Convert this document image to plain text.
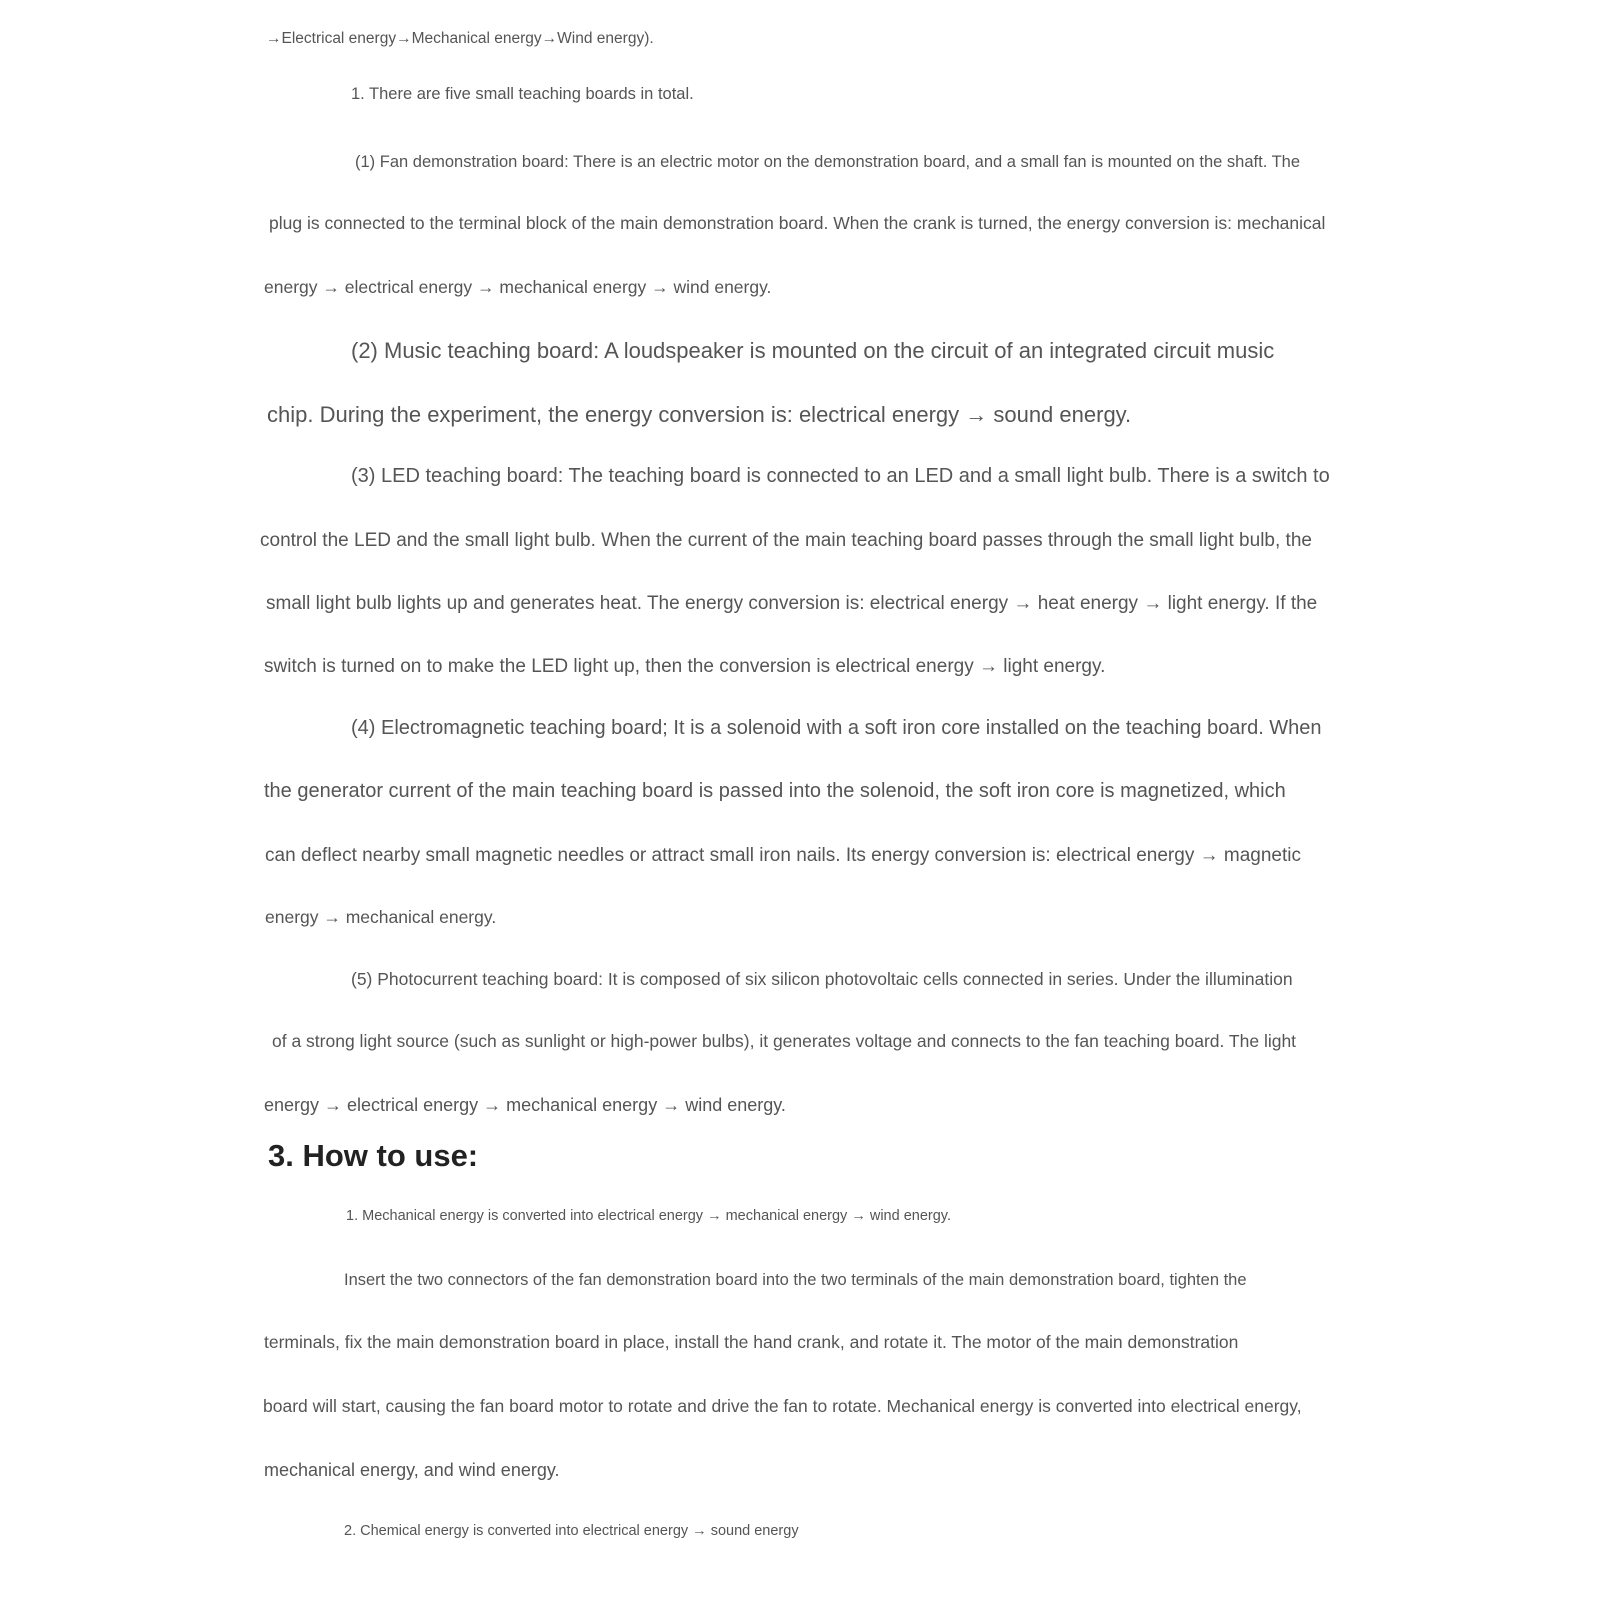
→Electrical energy→Mechanical energy→Wind energy).

1. There are five small teaching boards in total.

(1) Fan demonstration board: There is an electric motor on the demonstration board, and a small fan is mounted on the shaft. The

plug is connected to the terminal block of the main demonstration board. When the crank is turned, the energy conversion is: mechanical

energy → electrical energy → mechanical energy → wind energy.

(2) Music teaching board: A loudspeaker is mounted on the circuit of an integrated circuit music

chip. During the experiment, the energy conversion is: electrical energy → sound energy.

(3) LED teaching board: The teaching board is connected to an LED and a small light bulb. There is a switch to

control the LED and the small light bulb. When the current of the main teaching board passes through the small light bulb, the

small light bulb lights up and generates heat. The energy conversion is: electrical energy → heat energy → light energy. If the

switch is turned on to make the LED light up, then the conversion is electrical energy → light energy.

(4) Electromagnetic teaching board; It is a solenoid with a soft iron core installed on the teaching board. When

the generator current of the main teaching board is passed into the solenoid, the soft iron core is magnetized, which

can deflect nearby small magnetic needles or attract small iron nails. Its energy conversion is: electrical energy → magnetic

energy → mechanical energy.

(5) Photocurrent teaching board: It is composed of six silicon photovoltaic cells connected in series. Under the illumination

of a strong light source (such as sunlight or high-power bulbs), it generates voltage and connects to the fan teaching board. The light

energy → electrical energy → mechanical energy → wind energy.

3. How to use:

1. Mechanical energy is converted into electrical energy → mechanical energy → wind energy.

Insert the two connectors of the fan demonstration board into the two terminals of the main demonstration board, tighten the

terminals, fix the main demonstration board in place, install the hand crank, and rotate it. The motor of the main demonstration

board will start, causing the fan board motor to rotate and drive the fan to rotate. Mechanical energy is converted into electrical energy,

mechanical energy, and wind energy.

2. Chemical energy is converted into electrical energy → sound energy
